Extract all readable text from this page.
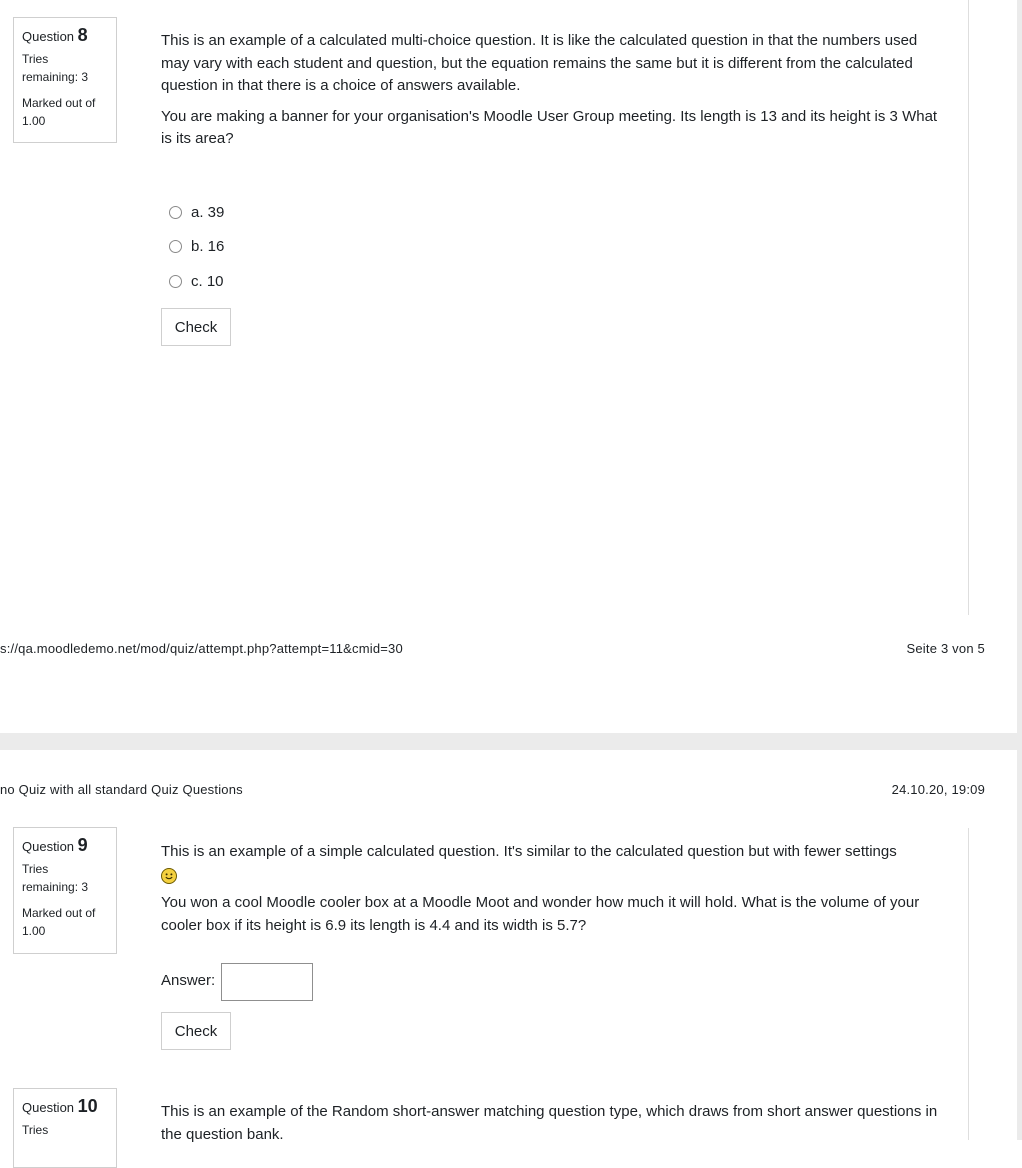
Question 8
Tries
remaining: 3
Marked out of
1.00

This is an example of a calculated multi-choice question. It is like the calculated question in that the numbers used may vary with each student and question, but the equation remains the same but it is different from the calculated question in that there is a choice of answers available.

You are making a banner for your organisation's Moodle User Group meeting. Its length is 13 and its height is 3 What is its area?

a. 39
b. 16
c. 10
Check
s://qa.moodledemo.net/mod/quiz/attempt.php?attempt=11&cmid=30	Seite 3 von 5
no Quiz with all standard Quiz Questions	24.10.20, 19:09
Question 9
Tries
remaining: 3
Marked out of
1.00

This is an example of a simple calculated question. It's similar to the calculated question but with fewer settings

You won a cool Moodle cooler box at a Moodle Moot and wonder how much it will hold. What is the volume of your cooler box if its height is 6.9 its length is 4.4 and its width is 5.7?

Answer:
Check
Question 10
Tries

This is an example of the Random short-answer matching question type, which draws from short answer questions in the question bank.
